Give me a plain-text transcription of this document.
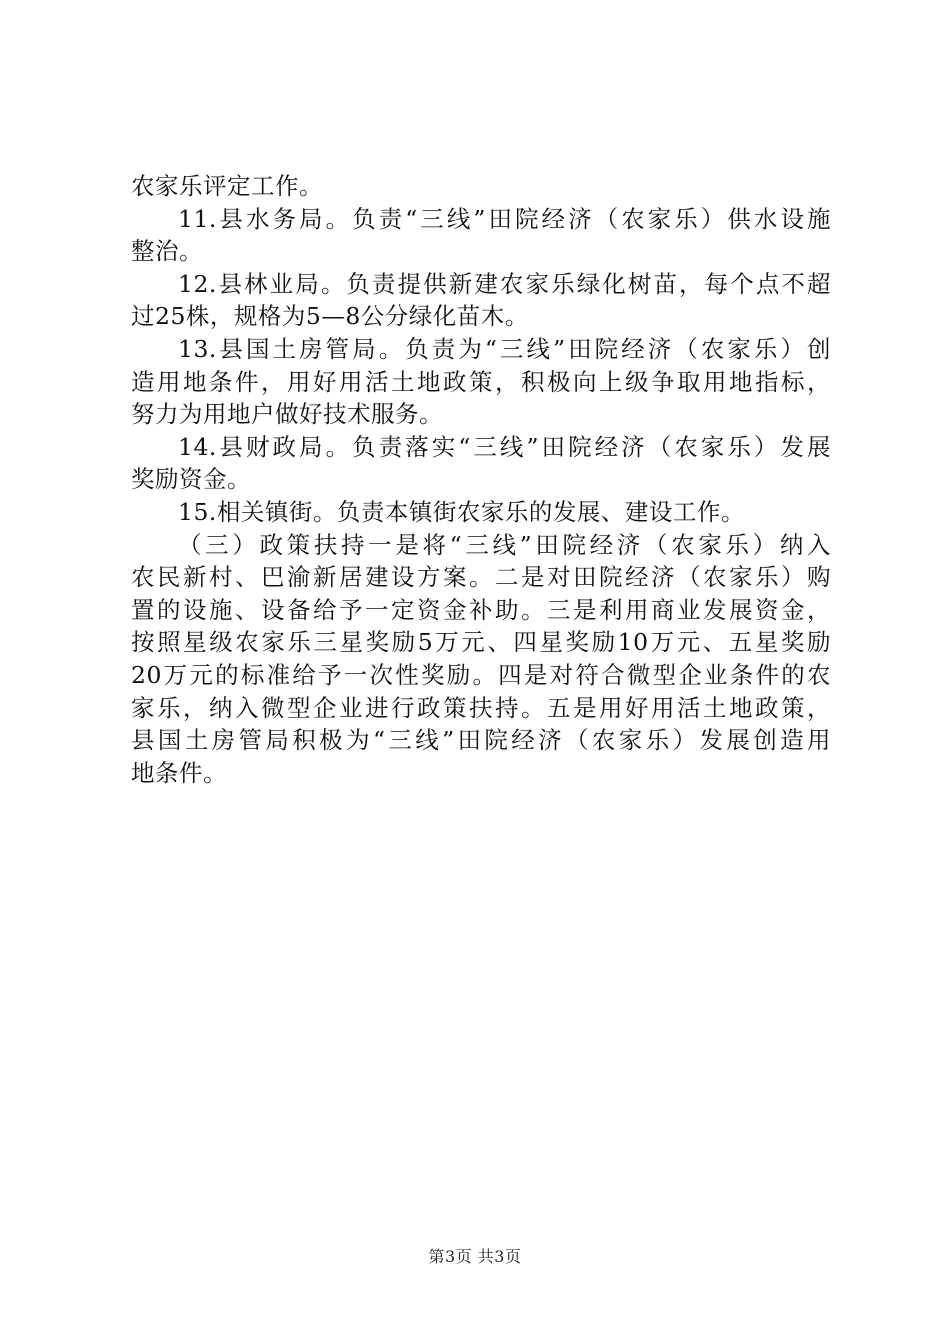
农家乐评定工作。
11.县水务局。负责“三线”田院经济（农家乐）供水设施
整治。
12.县林业局。负责提供新建农家乐绿化树苗，每个点不超
过25株，规格为5—8公分绿化苗木。
13.县国土房管局。负责为“三线”田院经济（农家乐）创
造用地条件，用好用活土地政策，积极向上级争取用地指标，
努力为用地户做好技术服务。
14.县财政局。负责落实“三线”田院经济（农家乐）发展
奖励资金。
15.相关镇街。负责本镇街农家乐的发展、建设工作。
（三）政策扶持一是将“三线”田院经济（农家乐）纳入
农民新村、巴渝新居建设方案。二是对田院经济（农家乐）购
置的设施、设备给予一定资金补助。三是利用商业发展资金，
按照星级农家乐三星奖励5万元、四星奖励10万元、五星奖励
20万元的标准给予一次性奖励。四是对符合微型企业条件的农
家乐，纳入微型企业进行政策扶持。五是用好用活土地政策，
县国土房管局积极为“三线”田院经济（农家乐）发展创造用
地条件。
第3页 共3页
